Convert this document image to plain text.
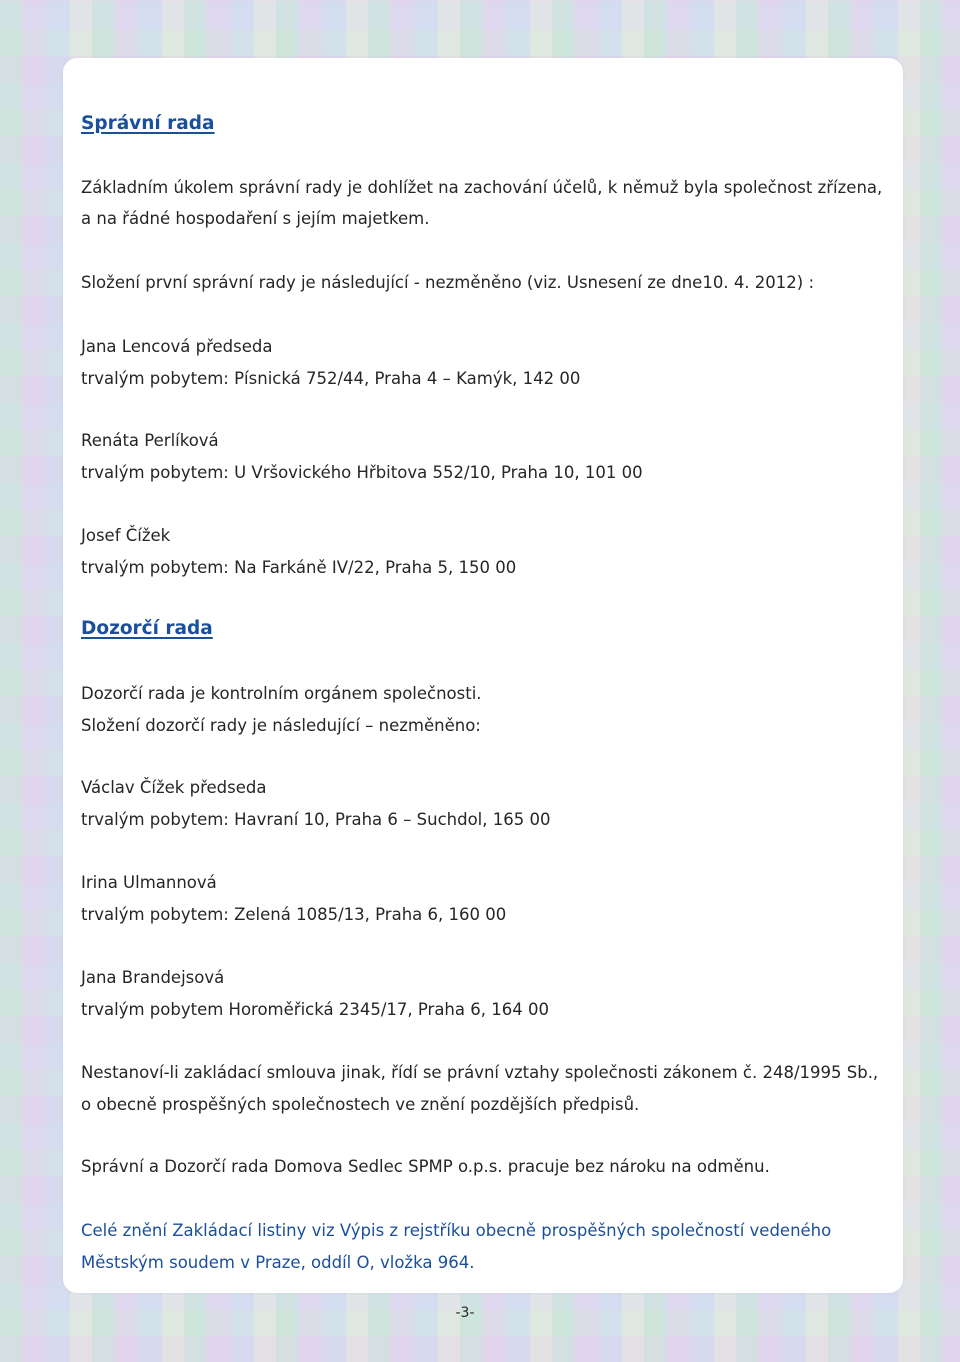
Správní rada
Základním úkolem správní rady je dohlížet na zachování účelů, k němuž byla společnost zřízena,
a na řádné hospodaření s jejím majetkem.
Složení první správní rady je následující - nezměněno (viz. Usnesení ze dne10. 4. 2012) :
Jana Lencová předseda
trvalým pobytem: Písnická 752/44, Praha 4 – Kamýk, 142 00
Renáta Perlíková
trvalým pobytem: U Vršovického Hřbitova 552/10, Praha 10, 101 00
Josef Čížek
trvalým pobytem: Na Farkáně IV/22, Praha 5, 150 00
Dozorčí rada
Dozorčí rada je kontrolním orgánem společnosti.
Složení dozorčí rady je následující – nezměněno:
Václav Čížek předseda
trvalým pobytem: Havraní 10, Praha 6 – Suchdol, 165 00
Irina Ulmannová
trvalým pobytem: Zelená 1085/13, Praha 6, 160 00
Jana Brandejsová
trvalým pobytem Horoměřická 2345/17, Praha 6, 164 00
Nestanoví-li zakládací smlouva jinak, řídí se právní vztahy společnosti zákonem č. 248/1995 Sb.,
o obecně prospěšných společnostech ve znění pozdějších předpisů.
Správní a Dozorčí rada Domova Sedlec SPMP o.p.s. pracuje bez nároku na odměnu.
Celé znění Zakládací listiny viz Výpis z rejstříku obecně prospěšných společností vedeného
Městským soudem v Praze, oddíl O, vložka 964.
-3-
